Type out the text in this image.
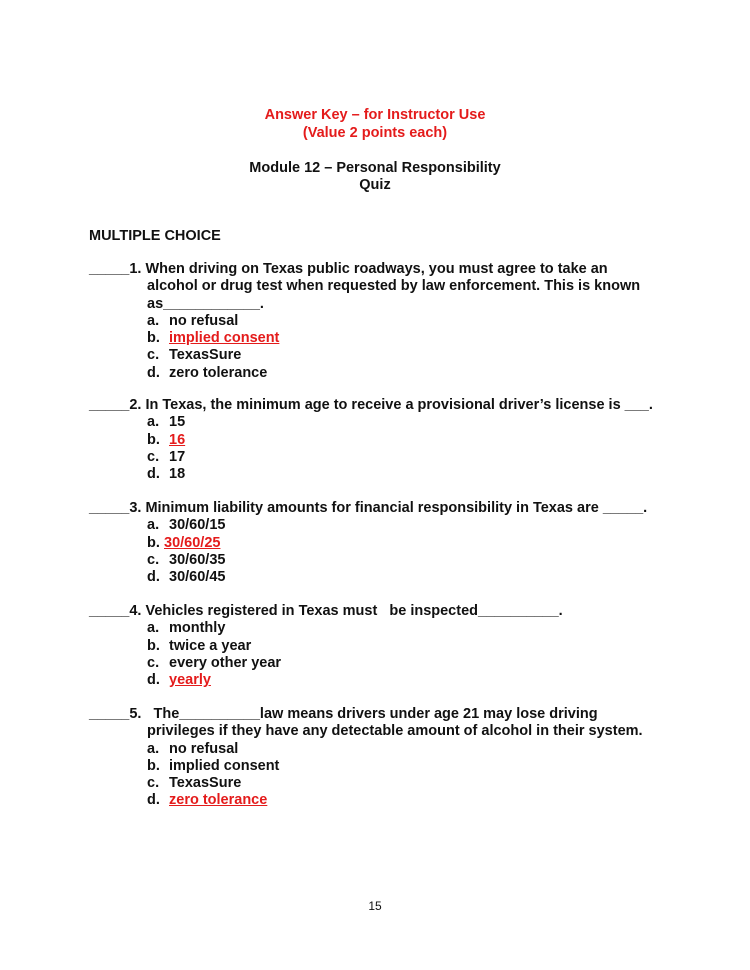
Answer Key – for Instructor Use
(Value 2 points each)
Module 12 – Personal Responsibility
Quiz
MULTIPLE CHOICE
_____1. When driving on Texas public roadways, you must agree to take an
alcohol or drug test when requested by law enforcement. This is known
as____________.
a. no refusal
b. implied consent
c. TexasSure
d. zero tolerance
_____2. In Texas, the minimum age to receive a provisional driver’s license is ___.
a. 15
b. 16
c. 17
d. 18
_____3. Minimum liability amounts for financial responsibility in Texas are _____.
a. 30/60/15
b. 30/60/25
c. 30/60/35
d. 30/60/45
_____4. Vehicles registered in Texas must   be inspected__________.
a. monthly
b. twice a year
c. every other year
d. yearly
_____5.   The__________law means drivers under age 21 may lose driving
privileges if they have any detectable amount of alcohol in their system.
a. no refusal
b. implied consent
c. TexasSure
d. zero tolerance
15
